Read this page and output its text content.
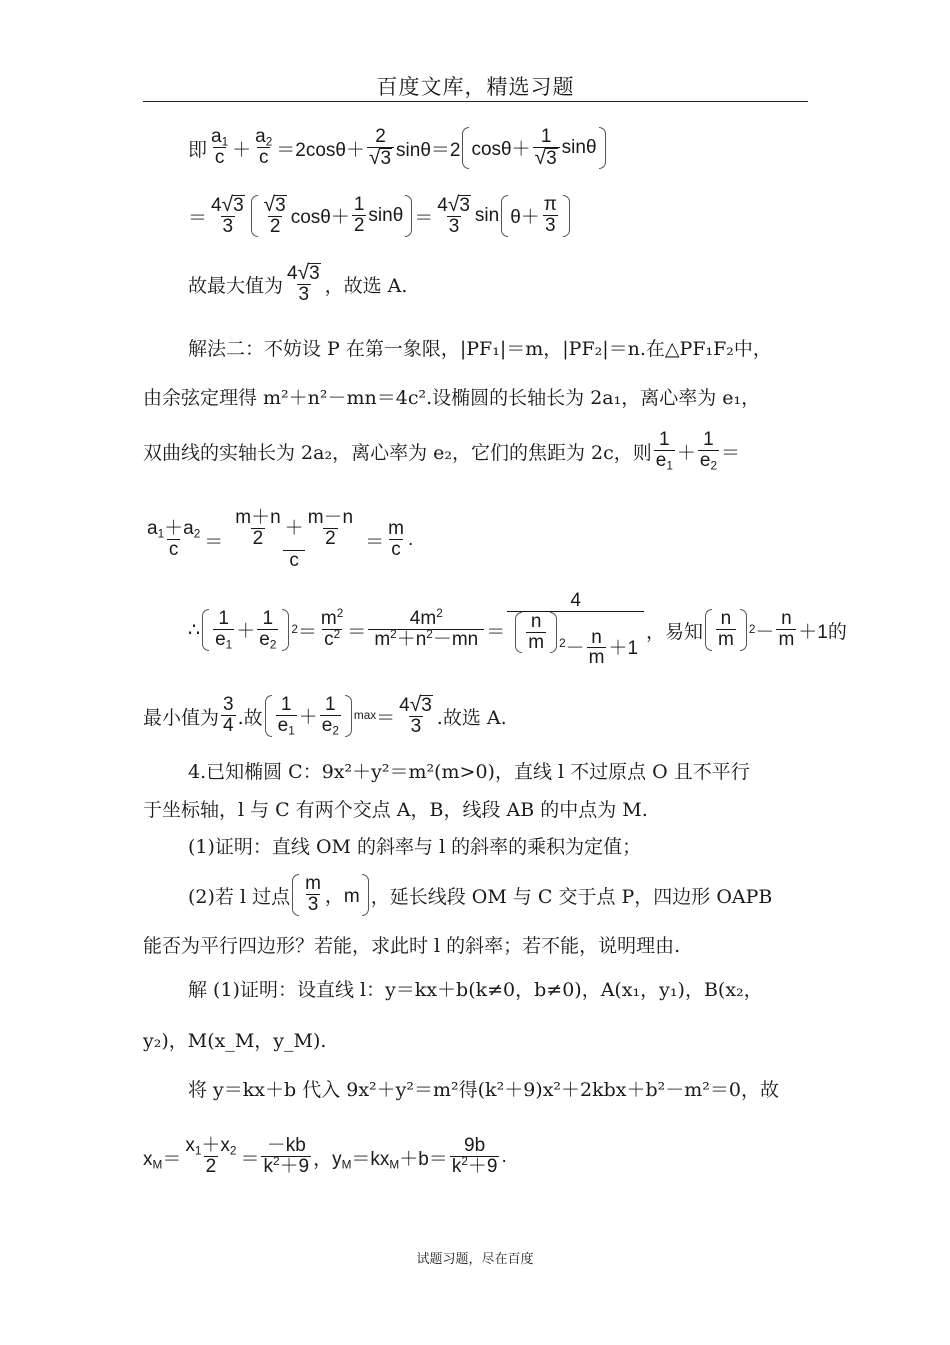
百度文库，精选习题
即 $\frac{a_1}{c} + \frac{a_2}{c} =2\cos\theta+ \frac{2}{√ 3} \sin\theta=2$ $\cos\theta+ \frac{1}{√ 3}$ sinθ
＝ $\frac{4 √ 3}{3} \frac{√ 3}{2} \cos\theta+ \frac{1}{2}$ $\sin\theta = \frac{4 √ 3}{3}$ $\sin \theta+ \frac{\pi}{3}$
故最大值为 $\frac{4 √ 3}{3}$ ，故选 A.
解法二：不妨设 P 在第一象限，|PF₁|＝m，|PF₂|＝n.在△PF₁F₂中，
由余弦定理得 m²＋n²－mn＝4c².设椭圆的长轴长为 2a₁，离心率为 e₁，
双曲线的实轴长为 2a₂，离心率为 e₂，它们的焦距为 2c，则 $\frac{1}{e_1} + \frac{1}{e_2}$ ＝
$\frac{a_1+a_2}{c} = \frac{\frac{m+n}{2} + \frac{m-n}{2}}{c} = \frac{m}{c}$ .
∴ $\frac{1}{e_1} + \frac{1}{e_2} 2 = \frac{m^2}{c^2} = \frac{4m^2}{m^2+n^2-mn} = \frac{4}{\frac{n}{m} ^2- \frac{n}{m} +1}$ ，易知 $\frac{n}{m} 2 - \frac{n}{m} +1$ 的
最小值为 $\frac{3}{4}$ .故 $\frac{1}{e_1} + \frac{1}{e_2}$ $\max = \frac{4 √ 3}{3}$ .故选 A.
4.已知椭圆 C：9x²＋y²＝m²(m>0)，直线 l 不过原点 O 且不平行
于坐标轴，l 与 C 有两个交点 A，B，线段 AB 的中点为 M.
(1)证明：直线 OM 的斜率与 l 的斜率的乘积为定值；
(2)若 l 过点 $\frac{m}{3}$ ，m ，延长线段 OM 与 C 交于点 P，四边形 OAPB
能否为平行四边形？若能，求此时 l 的斜率；若不能，说明理由.
解 (1)证明：设直线 l：y＝kx＋b(k≠0，b≠0)，A(x₁，y₁)，B(x₂，
y₂)，M(x_M，y_M).
将 y＝kx＋b 代入 9x²＋y²＝m²得(k²＋9)x²＋2kbx＋b²－m²＝0，故
$x_M= \frac{x_1+x_2}{2} = \frac{-kb}{k^2+9}$ ，$y_M=kx_M+b= \frac{9b}{k^2+9}$ .
试题习题，尽在百度
